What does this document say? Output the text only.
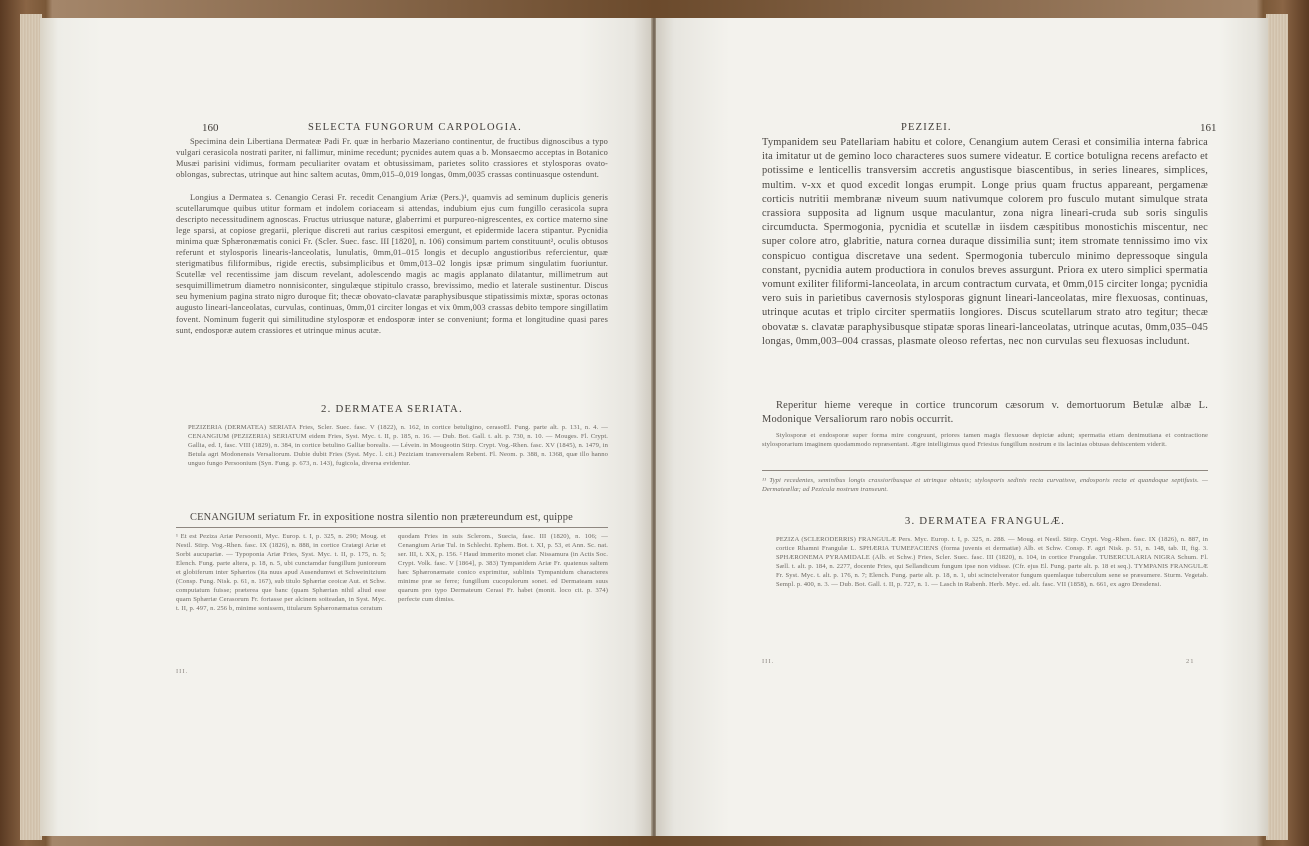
160	SELECTA FUNGORUM CARPOLOGIA.
Specimina dein Libertiana Dermateæ Padi Fr. quæ in herbario Mazeriano continentur, de fructibus dignoscibus a typo vulgari cerasicola nostrati pariter, ni fallimur, minime recedunt; pycnides autem quas a b. Monsaecmo acceptas in Botanico Musæi parisini vidimus, formam peculiariter ovatam et obtusissimam, parietes solito crassiores et stylosporas ovato-oblongas, subrectas, utrinque aut hinc saltem acutas, 0mm,015–0,019 longas, 0mm,0035 crassas continuasque ostendunt.
Longius a Dermatea s. Cenangio Cerasi Fr. recedit Cenangium Ariæ (Pers.)¹, quamvis ad seminum duplicis generis scutellarumque quibus utitur formam et indolem coriaceam si attendas, indubium ejus cum fungillo cerasicola supra descripto necessitudinem agnoscas. Fructus utriusque naturæ, glaberrimi et purpureo-nigrescentes, ex cortice materno sine lege sparsi, at copiose gregarii, plerique discreti aut rarius cæspitosi emergunt, et epidermide lacera stipantur. Pycnidia minima quæ Sphæronæmatis conici Fr. (Scler. Suec. fasc. III [1820], n. 106) consimum partem constituunt², oculis obtusos referunt et stylosporis linearis-lanceolatis, lunulatis, 0mm,01–015 longis et decuplo angustioribus refercientur, quæ sterigmatibus filiformibus, rigide erectis, subsimplicibus et 0mm,013–02 longis ipsæ primum singulatim fuoriuntur. Scutellæ vel recentissime jam discum revelant, adolescendo magis ac magis applanato dilatantur, millimetrum aut sesquimillimetrum diametro nonnisiconter, singulæque stipitulo crasso, brevissimo, medio et laterale sustinentur. Discus seu hymenium pagina strato nigro duroque fit; thecæ obovato-clavatæ paraphysibusque stipatissimis mixtæ, sporas octonas augusto lineari-lanceolatas, curvulas, continuas, 0mm,01 circiter longas et vix 0mm,003 crassas debito tempore singillatim fovent. Nominum fugerit qui similitudine stylosporæ et endosporæ inter se conveniunt; forma et longitudine quasi pares sunt, endosporæ autem crassiores et utrinque minus acutæ.
2. DERMATEA SERIATA.
PEZIZERIA (DERMATEA) SERIATA Fries, Scler. Suec. fasc. V (1822), n. 162, in cortice betuligino, cerasoEl. Fung. parte alt. p. 131, n. 4. — CENANGIUM (PEZIZERIA) SERIATUM eidem Fries, Syst. Myc. t. II, p. 185, n. 16. — Dub. Bot. Gall. t. alt. p. 730, n. 10. — Mouges. Fl. Crypt. Gallia, ed. I, fasc. VIII (1829), n. 384, in cortice betulino Galliæ borealis. — Lévein. in Mougeotin Stirp. Crypt. Vog.-Rhen. fasc. XV (1845), n. 1479, in Betula agri Modonensis Versaliorum. Dubie dubit Fries (Syst. Myc. l. cit.) Peziziam transversalem Rebent. Fl. Neom. p. 388, n. 1368, quæ illo hanno unguo fungo Persoonium (Syn. Fung. p. 673, n. 143), fugicola, diversa evidentur.
CENANGIUM seriatum Fr. in expositione nostra silentio non prætereundum est, quippe
¹ Et est Peziza Ariæ Persoonii, Myc. Europ. t. I, p. 325, n. 290; Moug. et Nestl. Stirp. Vog.-Rhen. fasc. IX (1826), n. 888, in cortice Cratægi Ariæ et Sorbi aucupariæ. — Typoponia Ariæ Fries, Syst. Myc. t. II, p. 175, n. 5; Elench. Fung. parte altera, p. 18, n. 5, ubi cunctamdar fungillum junioreum et globiferum inter Sphærios (ita nuus apud Ausendumwi et Schweinitzium (Consp. Fung. Nisk. p. 61, n. 167), sub titulo Sphæriæ ceoicæ Aut. et Schw. computatum fuisse; præterea que banc (quam Sphærian nihil aliud esse quam Sphæriæ Cerasorum Fr. fortasse per alcinem soiteadan, in Syst. Myc. t. II, p. 497, n. 256 b, minime sonissem, titularum Sphæronæmatus ceratum
quodam Fries in suis Sclerom., Suecia, fasc. III (1820), n. 106; — Cenangium Ariæ Tul. in Schlecht. Ephem. Bot. t. XI, p. 53, et Ann. Sc. nat. ser. III, t. XX, p. 156. ² Haud immerito monet clar. Nissamura (in Actis Soc. Crypt. Volk. fasc. V [1864], p. 383) Tympanidem Ariæ Fr. quatenus saltem hæc Sphæronæmate conico exprimitur, sublinis Tympanidum characteres minime præ se ferre; fungillum cucopulorum sonet. ed Dermateam suus quarum pro typo Dermateum Cerasi Fr. habet (monit. loco cit. p. 374) perfecte cum dimiss.
III.
PEZIZEI.	161
Tympanidem seu Patellariam habitu et colore, Cenangium autem Cerasi et consimilia interna fabrica ita imitatur ut de gemino loco characteres suos sumere videatur. E cortice botuligna recens arefacto et potissime e lenticellis transversim accretis angustisque biascentibus, in series lineares, simplices, multim. v-xx et quod excedit longas erumpit. Longe prius quam fructus appareant, pergamenæ corticis nutritii membranæ niveum suum nativumque colorem pro fusculo mutant simulque strata crassiora supposita ad lignum usque maculantur, zona nigra lineari-cruda sub soris singulis circumducta. Spermogonia, pycnidia et scutellæ in iisdem cæspitibus monostichis miscentur, nec super colore atro, glabritie, natura cornea duraque dissimilia sunt; item stromate tennissimo imo vix conspicuo contigua discretave una sedent. Spermogonia tuberculo minimo depressoque singula constant, pycnidia autem productiora in conulos breves assurgunt. Priora ex utero simplici spermatia vomunt exiliter filiformi-lanceolata, in arcum contractum curvata, et 0mm,015 circiter longa; pycnidia vero suis in parietibus cavernosis stylosporas gignunt lineari-lanceolatas, mire flexuosas, continuas, utrinque acutas et triplo circiter spermatiis longiores. Discus scutellarum strato atro tegitur; thecæ obovatæ s. clavatæ paraphysibusque stipatæ sporas lineari-lanceolatas, utrinque acutas, 0mm,035–045 longas, 0mm,003–004 crassas, plasmate oleoso refertas, nec non curvulas seu flexuosas includunt.
Reperitur hieme vereque in cortice truncorum cæsorum v. demortuorum Betulæ albæ L. Modonique Versaliorum raro nobis occurrit.
Stylosporæ et endosporæ super forma mire congruunt, priores tamen magis flexuosæ depictæ adunt; spermatia etiam denimutiana et contractione stylosporarium imaginem quodammodo repræsentant. Ægre intelligimus quod Friesius fungillum nostrum e iis lacinias obtusas dehiscentem viderit.
¹¹ Typi recedentes, seminibus longis crassioribusque et utrinque obtusis; stylosporis sedinis recta curvatisve, endosporis recta et quandoque septifusis. — Dermateællæ; ad Pezicula nostrum transeunt.
3. DERMATEA FRANGULÆ.
PEZIZA (SCLERODERRIS) FRANGULÆ Pers. Myc. Europ. t. I, p. 325, n. 288. — Moug. et Nestl. Stirp. Crypt. Vog.-Rhen. fasc. IX (1826), n. 887, in cortice Rhamni Frangulæ L. SPHÆRIA TUMEFACIENS (forma juvenis et dermatiæ) Alb. et Schw. Consp. F. agri Nisk. p. 51, n. 148, tab. II, fig. 3. SPHÆRONEMA PYRAMIDALE (Alb. et Schw.) Fries, Scler. Suec. fasc. III (1820), n. 104, in cortice Frangulæ. TUBERCULARIA NIGRA Schum. Fl. Sæll. t. alt. p. 184, n. 2277, docente Fries, qui Sellandicum fungum ipse non vidisse. (Cfr. ejus El. Fung. parte alt. p. 18 et seq.). TYMPANIS FRANGULÆ Fr. Syst. Myc. t. alt. p. 176, n. 7; Elench. Fung. parte alt. p. 18, n. 1, ubi scinctelverator fungum quemlaque tuberculum sene se præsumere. Sturm. Vegetab. Sempl. p. 400, n. 3. — Dub. Bot. Gall. t. II, p. 727, n. 1. — Lasch in Rabenh. Herb. Myc. ed. alt. fasc. VII (1858), n. 661, ex agro Dresdensi.
III.	21
